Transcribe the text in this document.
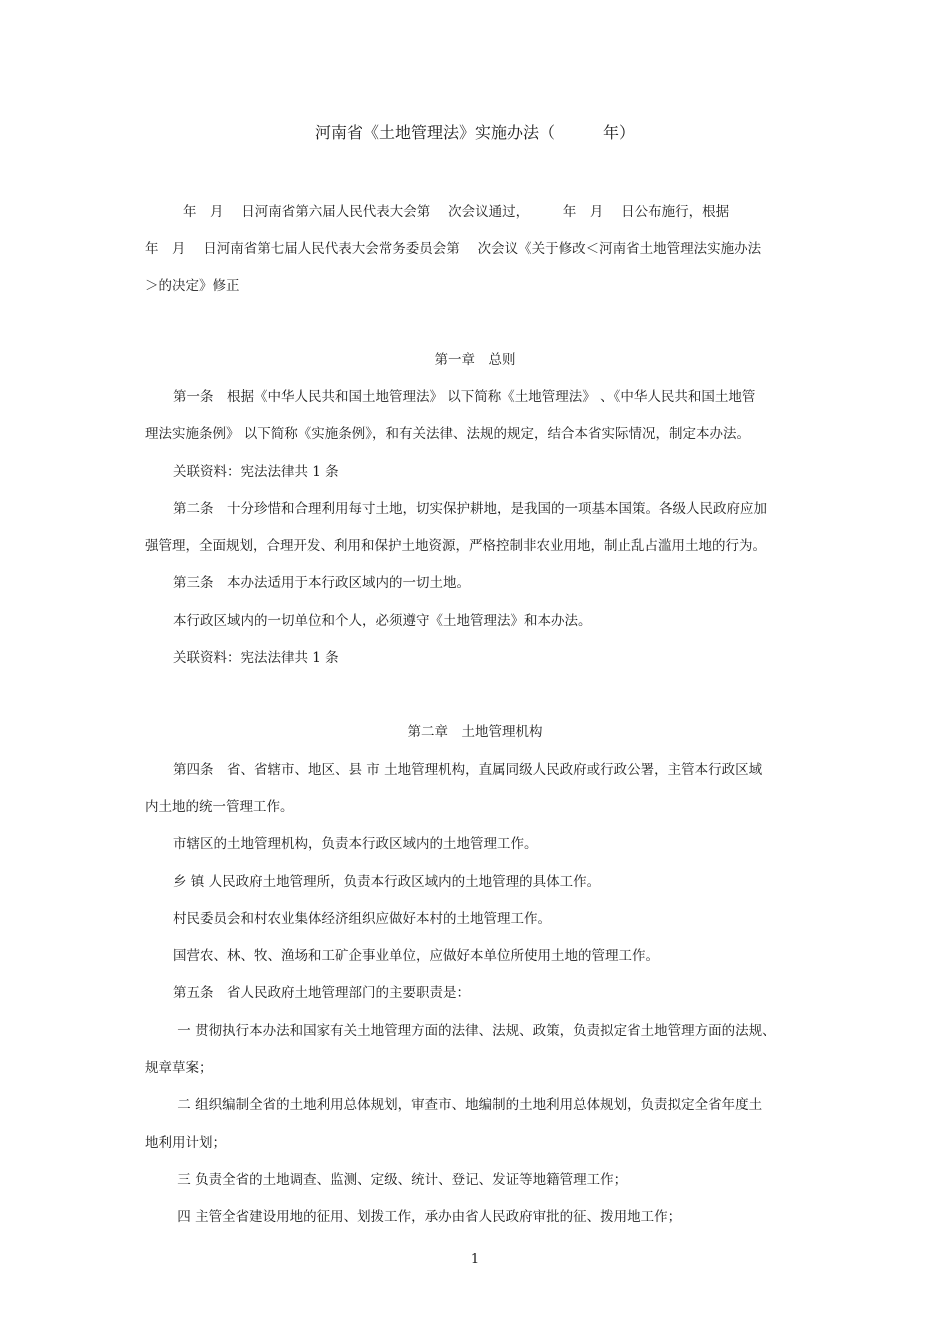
河南省《土地管理法》实施办法（　　　年）
年　月　 日河南省第六届人民代表大会第　 次会议通过，　　　年　月　 日公布施行，根据
年　月　 日河南省第七届人民代表大会常务委员会第　 次会议《关于修改＜河南省土地管理法实施办法
＞的决定》修正
第一章　总则
第一条　根据《中华人民共和国土地管理法》 以下简称《土地管理法》 、《中华人民共和国土地管
理法实施条例》 以下简称《实施条例》，和有关法律、法规的规定，结合本省实际情况，制定本办法。
关联资料：宪法法律共 1 条
第二条　十分珍惜和合理利用每寸土地，切实保护耕地，是我国的一项基本国策。各级人民政府应加
强管理，全面规划，合理开发、利用和保护土地资源，严格控制非农业用地，制止乱占滥用土地的行为。
第三条　本办法适用于本行政区域内的一切土地。
本行政区域内的一切单位和个人，必须遵守《土地管理法》和本办法。
关联资料：宪法法律共 1 条
第二章　土地管理机构
第四条　省、省辖市、地区、县 市 土地管理机构，直属同级人民政府或行政公署，主管本行政区域
内土地的统一管理工作。
市辖区的土地管理机构，负责本行政区域内的土地管理工作。
乡 镇 人民政府土地管理所，负责本行政区域内的土地管理的具体工作。
村民委员会和村农业集体经济组织应做好本村的土地管理工作。
国营农、林、牧、渔场和工矿企事业单位，应做好本单位所使用土地的管理工作。
第五条　省人民政府土地管理部门的主要职责是：
一 贯彻执行本办法和国家有关土地管理方面的法律、法规、政策，负责拟定省土地管理方面的法规、
规章草案；
二 组织编制全省的土地利用总体规划，审查市、地编制的土地利用总体规划，负责拟定全省年度土
地利用计划；
三 负责全省的土地调查、监测、定级、统计、登记、发证等地籍管理工作；
四 主管全省建设用地的征用、划拨工作，承办由省人民政府审批的征、拨用地工作；
1
